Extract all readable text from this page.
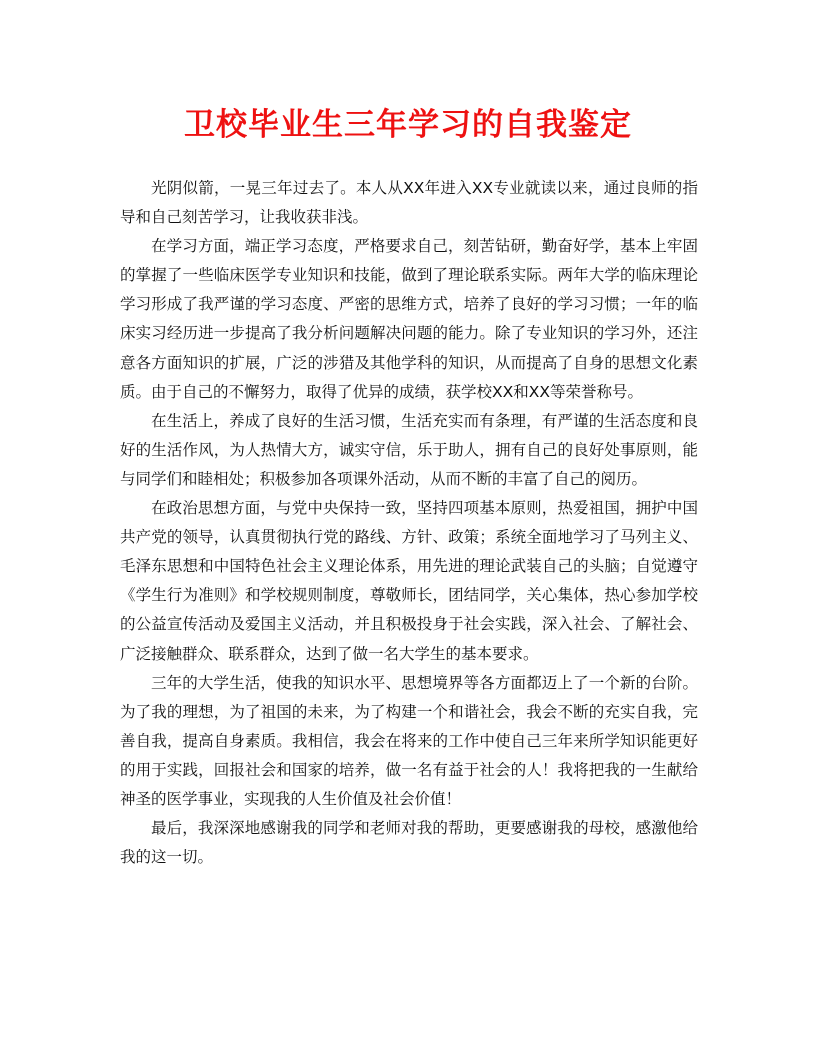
卫校毕业生三年学习的自我鉴定

光阴似箭，一晃三年过去了。本人从XX年进入XX专业就读以来，通过良师的指导和自己刻苦学习，让我收获非浅。

在学习方面，端正学习态度，严格要求自己，刻苦钻研，勤奋好学，基本上牢固的掌握了一些临床医学专业知识和技能，做到了理论联系实际。两年大学的临床理论学习形成了我严谨的学习态度、严密的思维方式，培养了良好的学习习惯；一年的临床实习经历进一步提高了我分析问题解决问题的能力。除了专业知识的学习外，还注意各方面知识的扩展，广泛的涉猎及其他学科的知识，从而提高了自身的思想文化素质。由于自己的不懈努力，取得了优异的成绩，获学校XX和XX等荣誉称号。

在生活上，养成了良好的生活习惯，生活充实而有条理，有严谨的生活态度和良好的生活作风，为人热情大方，诚实守信，乐于助人，拥有自己的良好处事原则，能与同学们和睦相处；积极参加各项课外活动，从而不断的丰富了自己的阅历。

在政治思想方面，与党中央保持一致，坚持四项基本原则，热爱祖国，拥护中国共产党的领导，认真贯彻执行党的路线、方针、政策；系统全面地学习了马列主义、毛泽东思想和中国特色社会主义理论体系，用先进的理论武装自己的头脑；自觉遵守《学生行为准则》和学校规则制度，尊敬师长，团结同学，关心集体，热心参加学校的公益宣传活动及爱国主义活动，并且积极投身于社会实践，深入社会、了解社会、广泛接触群众、联系群众，达到了做一名大学生的基本要求。

三年的大学生活，使我的知识水平、思想境界等各方面都迈上了一个新的台阶。为了我的理想，为了祖国的未来，为了构建一个和谐社会，我会不断的充实自我，完善自我，提高自身素质。我相信，我会在将来的工作中使自己三年来所学知识能更好的用于实践，回报社会和国家的培养，做一名有益于社会的人！我将把我的一生献给神圣的医学事业，实现我的人生价值及社会价值！

最后，我深深地感谢我的同学和老师对我的帮助，更要感谢我的母校，感激他给我的这一切。
